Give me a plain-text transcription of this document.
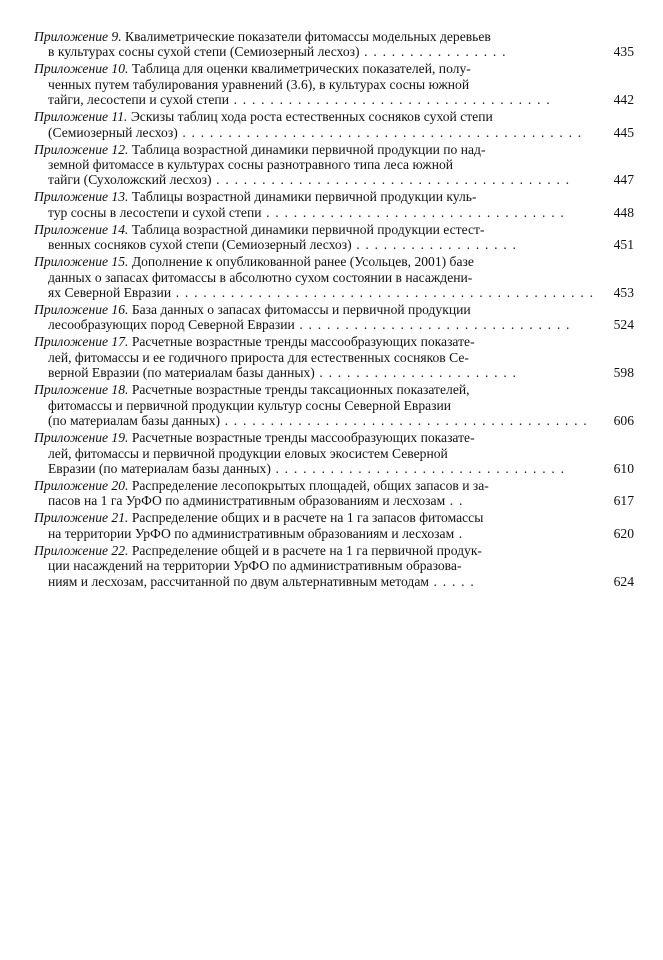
Приложение 9. Квалиметрические показатели фитомассы модельных деревьев
в культурах сосны сухой степи (Семиозерный лесхоз) . . . . . . . . . . . . . . . .	435
Приложение 10. Таблица для оценки квалиметрических показателей, полу-
ченных путем табулирования уравнений (3.6), в культурах сосны южной
тайги, лесостепи и сухой степи . . . . . . . . . . . . . . . . . . . . . . . . . . . . . . . . . . .	442
Приложение 11. Эскизы таблиц хода роста естественных сосняков сухой степи
(Семиозерный лесхоз) . . . . . . . . . . . . . . . . . . . . . . . . . . . . . . . . . . . . . . . . . . . . 445
Приложение 12. Таблица возрастной динамики первичной продукции по над-
земной фитомассе в культурах сосны разнотравного типа леса южной
тайги (Сухоложский лесхоз) . . . . . . . . . . . . . . . . . . . . . . . . . . . . . . . . . . . . . . .	447
Приложение 13. Таблицы возрастной динамики первичной продукции куль-
тур сосны в лесостепи и сухой степи . . . . . . . . . . . . . . . . . . . . . . . . . . . . . . . . .	448
Приложение 14. Таблица возрастной динамики первичной продукции естест-
венных сосняков сухой степи (Семиозерный лесхоз) . . . . . . . . . . . . . . . . . .	451
Приложение 15. Дополнение к опубликованной ранее (Усольцев, 2001) базе
данных о запасах фитомассы в абсолютно сухом состоянии в насаждени-
ях Северной Евразии . . . . . . . . . . . . . . . . . . . . . . . . . . . . . . . . . . . . . . . . . . . . . . 453
Приложение 16. База данных о запасах фитомассы и первичной продукции
лесообразующих пород Северной Евразии . . . . . . . . . . . . . . . . . . . . . . . . . . . . . .	524
Приложение 17. Расчетные возрастные тренды массообразующих показате-
лей, фитомассы и ее годичного прироста для естественных сосняков Се-
верной Евразии (по материалам базы данных) . . . . . . . . . . . . . . . . . . . . . .	598
Приложение 18. Расчетные возрастные тренды таксационных показателей,
фитомассы и первичной продукции культур сосны Северной Евразии
(по материалам базы данных) . . . . . . . . . . . . . . . . . . . . . . . . . . . . . . . . . . . . . . . . 606
Приложение 19. Расчетные возрастные тренды массообразующих показате-
лей, фитомассы и первичной продукции еловых экосистем Северной
Евразии (по материалам базы данных) . . . . . . . . . . . . . . . . . . . . . . . . . . . . . . . .	610
Приложение 20. Распределение лесопокрытых площадей, общих запасов и за-
пасов на 1 га УрФО по административным образованиям и лесхозам . .	617
Приложение 21. Распределение общих и в расчете на 1 га запасов фитомассы
на территории УрФО по административным образованиям и лесхозам .	620
Приложение 22. Распределение общей и в расчете на 1 га первичной продук-
ции насаждений на территории УрФО по административным образова-
ниям и лесхозам, рассчитанной по двум альтернативным методам . . . . .	624
